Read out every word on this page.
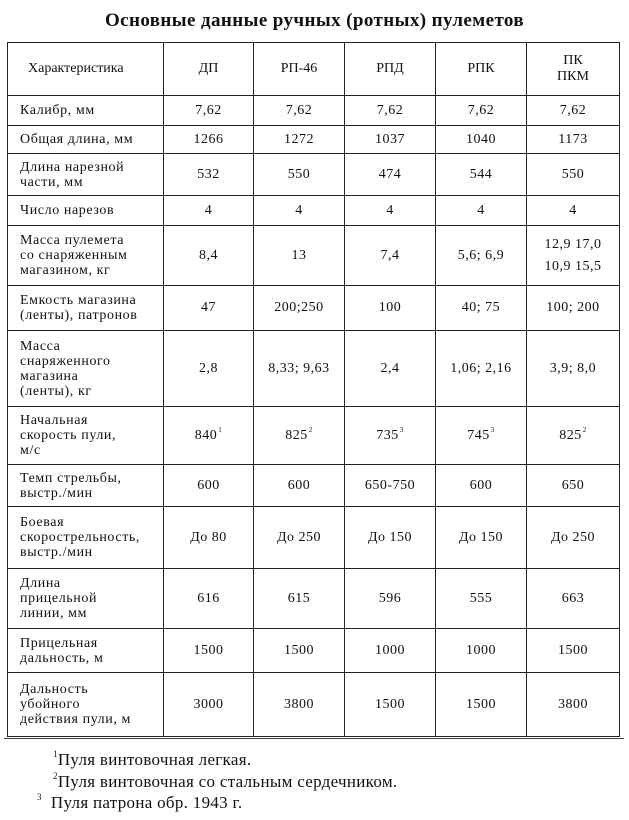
Основные данные ручных (ротных) пулеметов
Характеристика	ДП	РП-46	РПД	РПК	ПК
ПКМ

Калибр, мм	7,62	7,62	7,62	7,62	7,62
Общая длина, мм	1266	1272	1037	1040	1173

Длина нарезной
части, мм	532	550	474	544	550
Число нарезов	4	4	4	4	4

Масса пулемета
со снаряженным
магазином, кг	8,4	13	7,4	5,6; 6,9	12,9 17,0
10,9 15,5

Емкость магазина
(ленты), патронов	47	200;250	100	40; 75	100; 200

Масса
снаряженного
магазина
(ленты), кг	2,8	8,33; 9,63	2,4	1,06; 2,16	3,9; 8,0

Начальная
скорость пули,
м/с	$840^1$	$825^2$	$735^3$	$745^3$	$825^2$

Темп стрельбы,
выстр./мин	600	600	650-750	600	650

Боевая
скорострельность,
выстр./мин	До 80	До 250	До 150	До 150	До 250

Длина
прицельной
линии, мм	616	615	596	555	663

Прицельная
дальность, м	1500	1500	1000	1000	1500

Дальность
убойного
действия пули, м	3000	3800	1500	1500	3800
$^1$Пуля винтовочная легкая.
$^2$Пуля винтовочная со стальным сердечником.
$^3$ Пуля патрона обр. 1943 г.
